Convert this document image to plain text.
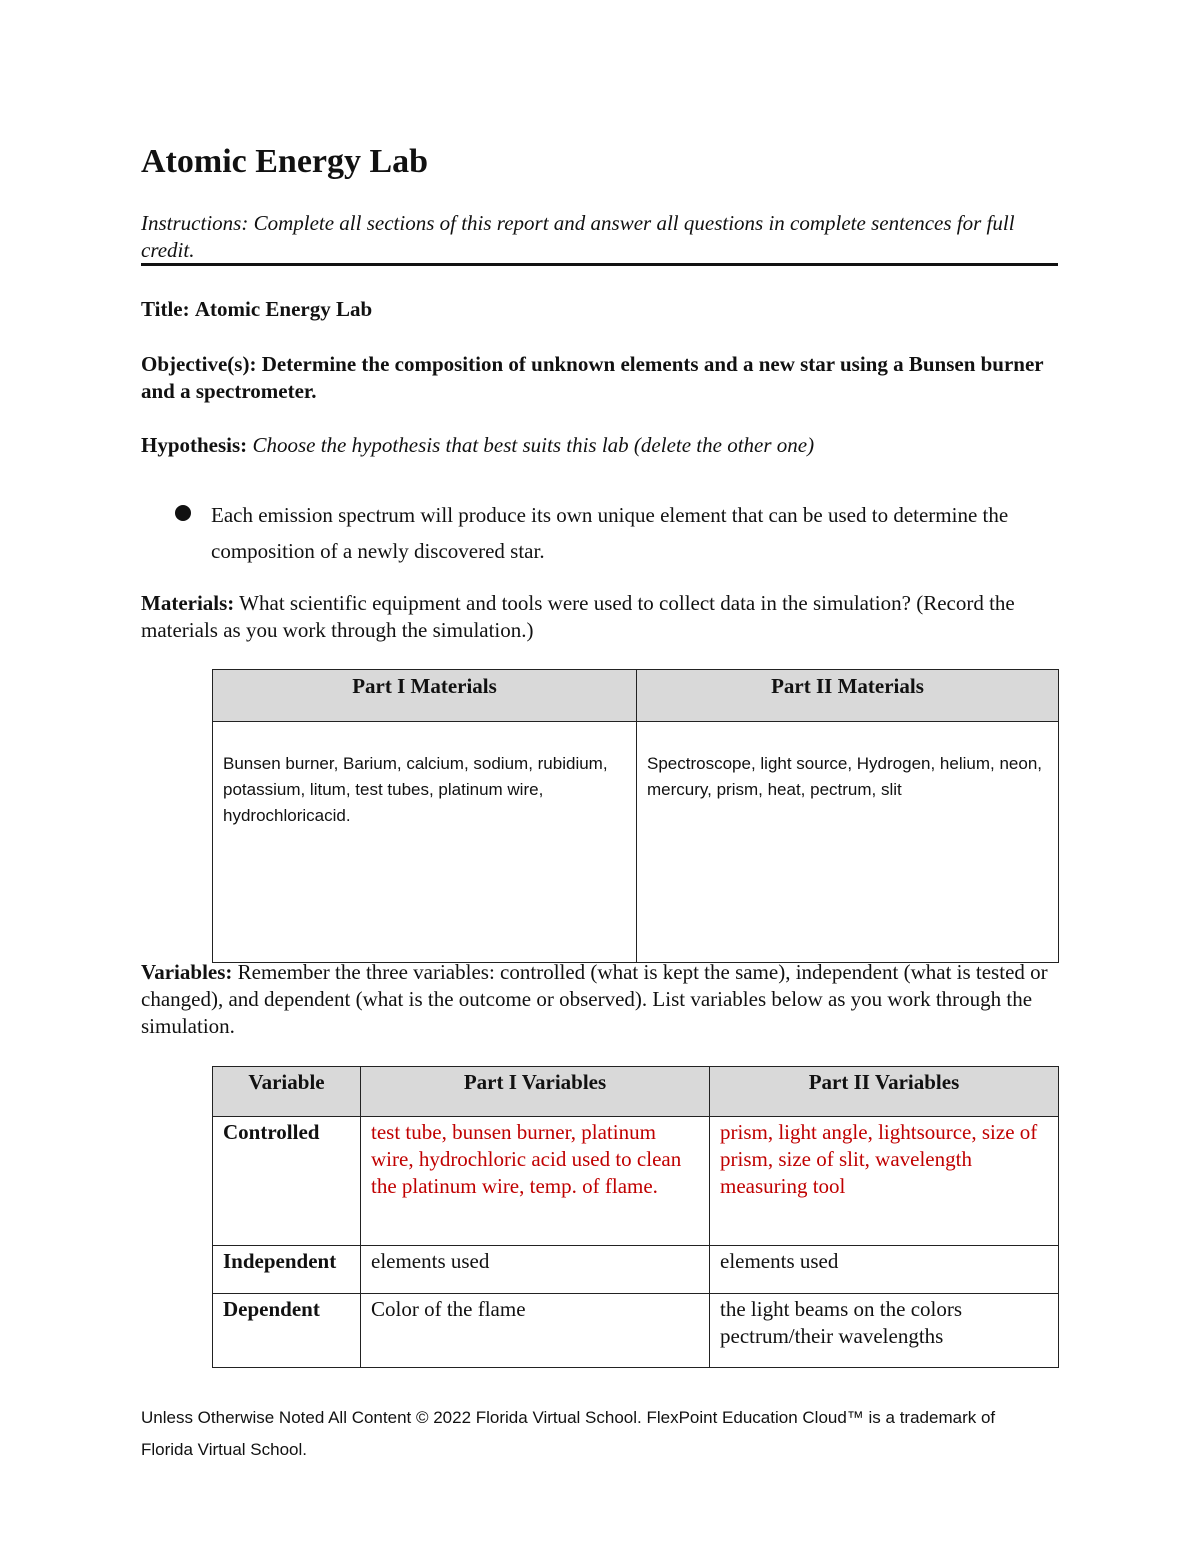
Atomic Energy Lab
Instructions: Complete all sections of this report and answer all questions in complete sentences for full credit.
Title: Atomic Energy Lab
Objective(s): Determine the composition of unknown elements and a new star using a Bunsen burner and a spectrometer.
Hypothesis: Choose the hypothesis that best suits this lab (delete the other one)
Each emission spectrum will produce its own unique element that can be used to determine the composition of a newly discovered star.
Materials: What scientific equipment and tools were used to collect data in the simulation? (Record the materials as you work through the simulation.)
Part I Materials	Part II Materials
Bunsen burner, Barium, calcium, sodium, rubidium, potassium, litum, test tubes, platinum wire, hydrochloricacid.	Spectroscope, light source, Hydrogen, helium, neon, mercury, prism, heat, pectrum, slit
Variables: Remember the three variables: controlled (what is kept the same), independent (what is tested or changed), and dependent (what is the outcome or observed). List variables below as you work through the simulation.
Variable	Part I Variables	Part II Variables
Controlled	test tube, bunsen burner, platinum wire, hydrochloric acid used to clean the platinum wire, temp. of flame.	prism, light angle, lightsource, size of prism, size of slit, wavelength measuring tool
Independent	elements used	elements used
Dependent	Color of the flame	the light beams on the colors pectrum/their wavelengths
Unless Otherwise Noted All Content © 2022 Florida Virtual School. FlexPoint Education Cloud™ is a trademark of Florida Virtual School.
